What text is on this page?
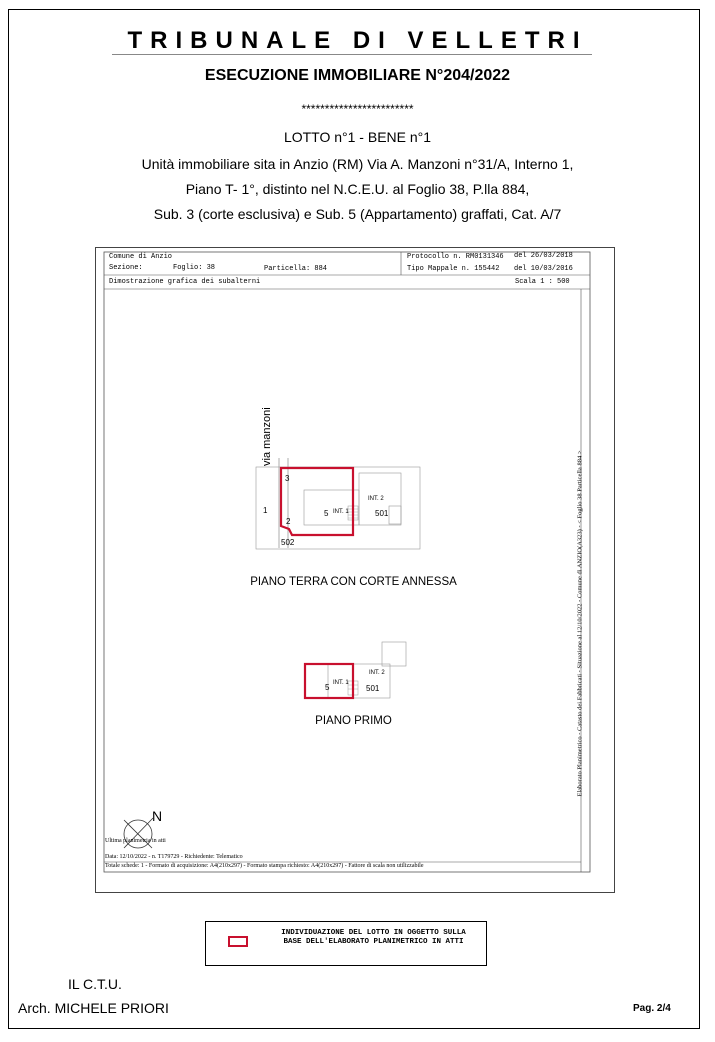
TRIBUNALE DI VELLETRI
ESECUZIONE IMMOBILIARE N°204/2022
************************
LOTTO n°1 - BENE n°1
Unità immobiliare sita in Anzio (RM) Via A. Manzoni n°31/A, Interno 1,
Piano T- 1°, distinto nel N.C.E.U. al Foglio 38, P.lla 884,
Sub. 3 (corte esclusiva) e Sub. 5 (Appartamento) graffati, Cat. A/7
Comune di Anzio
Sezione:	Foglio: 38	Particella: 884
Protocollo n. RM0131346 del 26/03/2018
Tipo Mappale n. 155442 del 10/03/2016
Dimostrazione grafica dei subalterni	Scala 1 : 500
via manzoni
3
1
2
5 INT. 1
INT. 2
501
502
PIANO TERRA CON CORTE ANNESSA
5 INT. 1
INT. 2
501
PIANO PRIMO	Elaborato Planimetrico - Catasto dei Fabbricati - Situazione al 12/10/2022 - Comune di ANZIO(A323) - < Foglio 38 Particella 884 >
N
Ultima planimetria in atti
Data: 12/10/2022 - n. T179729 - Richiedente: Telematico
Totale schede: 1 - Formato di acquisizione: A4(210x297) - Formato stampa richiesto: A4(210x297) - Fattore di scala non utilizzabile
INDIVIDUAZIONE DEL LOTTO IN OGGETTO SULLA BASE DELL'ELABORATO PLANIMETRICO IN ATTI
IL C.T.U.
Arch. MICHELE PRIORI	Pag. 2/4
